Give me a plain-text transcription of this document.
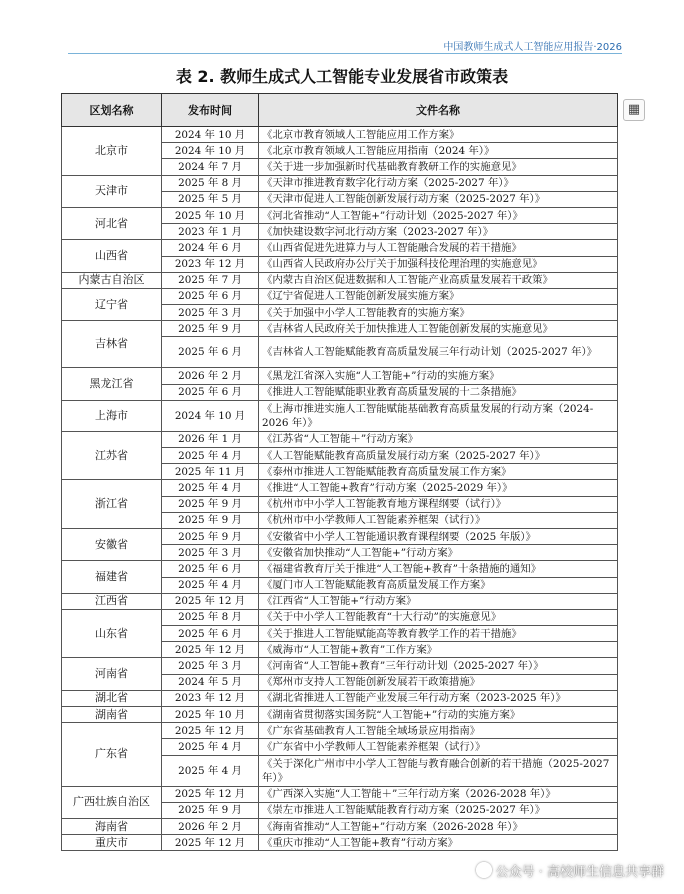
中国教师生成式人工智能应用报告·2026
表 2. 教师生成式人工智能专业发展省市政策表
▦
区划名称	发布时间	文件名称
北京市	2024 年 10 月	《北京市教育领域人工智能应用工作方案》
	2024 年 10 月	《北京市教育领域人工智能应用指南（2024 年）》
	2024 年 7 月	《关于进一步加强新时代基础教育教研工作的实施意见》
天津市	2025 年 8 月	《天津市推进教育数字化行动方案（2025-2027 年）》
	2025 年 5 月	《天津市促进人工智能创新发展行动方案（2025-2027 年）》
河北省	2025 年 10 月	《河北省推动“人工智能+”行动计划（2025-2027 年）》
	2023 年 1 月	《加快建设数字河北行动方案（2023-2027 年）》
山西省	2024 年 6 月	《山西省促进先进算力与人工智能融合发展的若干措施》
	2023 年 12 月	《山西省人民政府办公厅关于加强科技伦理治理的实施意见》
内蒙古自治区	2025 年 7 月	《内蒙古自治区促进数据和人工智能产业高质量发展若干政策》
辽宁省	2025 年 6 月	《辽宁省促进人工智能创新发展实施方案》
	2025 年 3 月	《关于加强中小学人工智能教育的实施方案》
吉林省	2025 年 9 月	《吉林省人民政府关于加快推进人工智能创新发展的实施意见》
	2025 年 6 月	《吉林省人工智能赋能教育高质量发展三年行动计划（2025-2027 年）》
黑龙江省	2026 年 2 月	《黑龙江省深入实施“人工智能+”行动的实施方案》
	2025 年 6 月	《推进人工智能赋能职业教育高质量发展的十二条措施》
上海市	2024 年 10 月	《上海市推进实施人工智能赋能基础教育高质量发展的行动方案（2024-2026 年）》
江苏省	2026 年 1 月	《江苏省“人工智能＋”行动方案》
	2025 年 4 月	《人工智能赋能教育高质量发展行动方案（2025-2027 年）》
	2025 年 11 月	《泰州市推进人工智能赋能教育高质量发展工作方案》
浙江省	2025 年 4 月	《推进“人工智能+教育”行动方案（2025-2029 年）》
	2025 年 9 月	《杭州市中小学人工智能教育地方课程纲要（试行）》
	2025 年 9 月	《杭州市中小学教师人工智能素养框架（试行）》
安徽省	2025 年 9 月	《安徽省中小学人工智能通识教育课程纲要（2025 年版）》
	2025 年 3 月	《安徽省加快推动“人工智能+”行动方案》
福建省	2025 年 6 月	《福建省教育厅关于推进“人工智能+教育”十条措施的通知》
	2025 年 4 月	《厦门市人工智能赋能教育高质量发展工作方案》
江西省	2025 年 12 月	《江西省“人工智能+”行动方案》
山东省	2025 年 8 月	《关于中小学人工智能教育“十大行动”的实施意见》
	2025 年 6 月	《关于推进人工智能赋能高等教育教学工作的若干措施》
	2025 年 12 月	《威海市“人工智能+教育”工作方案》
河南省	2025 年 3 月	《河南省“人工智能+教育”三年行动计划（2025-2027 年）》
	2024 年 5 月	《郑州市支持人工智能创新发展若干政策措施》
湖北省	2023 年 12 月	《湖北省推进人工智能产业发展三年行动方案（2023-2025 年）》
湖南省	2025 年 10 月	《湖南省贯彻落实国务院“人工智能+”行动的实施方案》
广东省	2025 年 12 月	《广东省基础教育人工智能全域场景应用指南》
	2025 年 4 月	《广东省中小学教师人工智能素养框架（试行）》
	2025 年 4 月	《关于深化广州市中小学人工智能与教育融合创新的若干措施（2025-2027 年）》
广西壮族自治区	2025 年 12 月	《广西深入实施“人工智能＋”三年行动方案（2026-2028 年）》
	2025 年 9 月	《崇左市推进人工智能赋能教育行动方案（2025-2027 年）》
海南省	2026 年 2 月	《海南省推动“人工智能+”行动方案（2026-2028 年）》
重庆市	2025 年 12 月	《重庆市推动“人工智能+教育”行动方案》
公众号 · 高校师生信息共享群
